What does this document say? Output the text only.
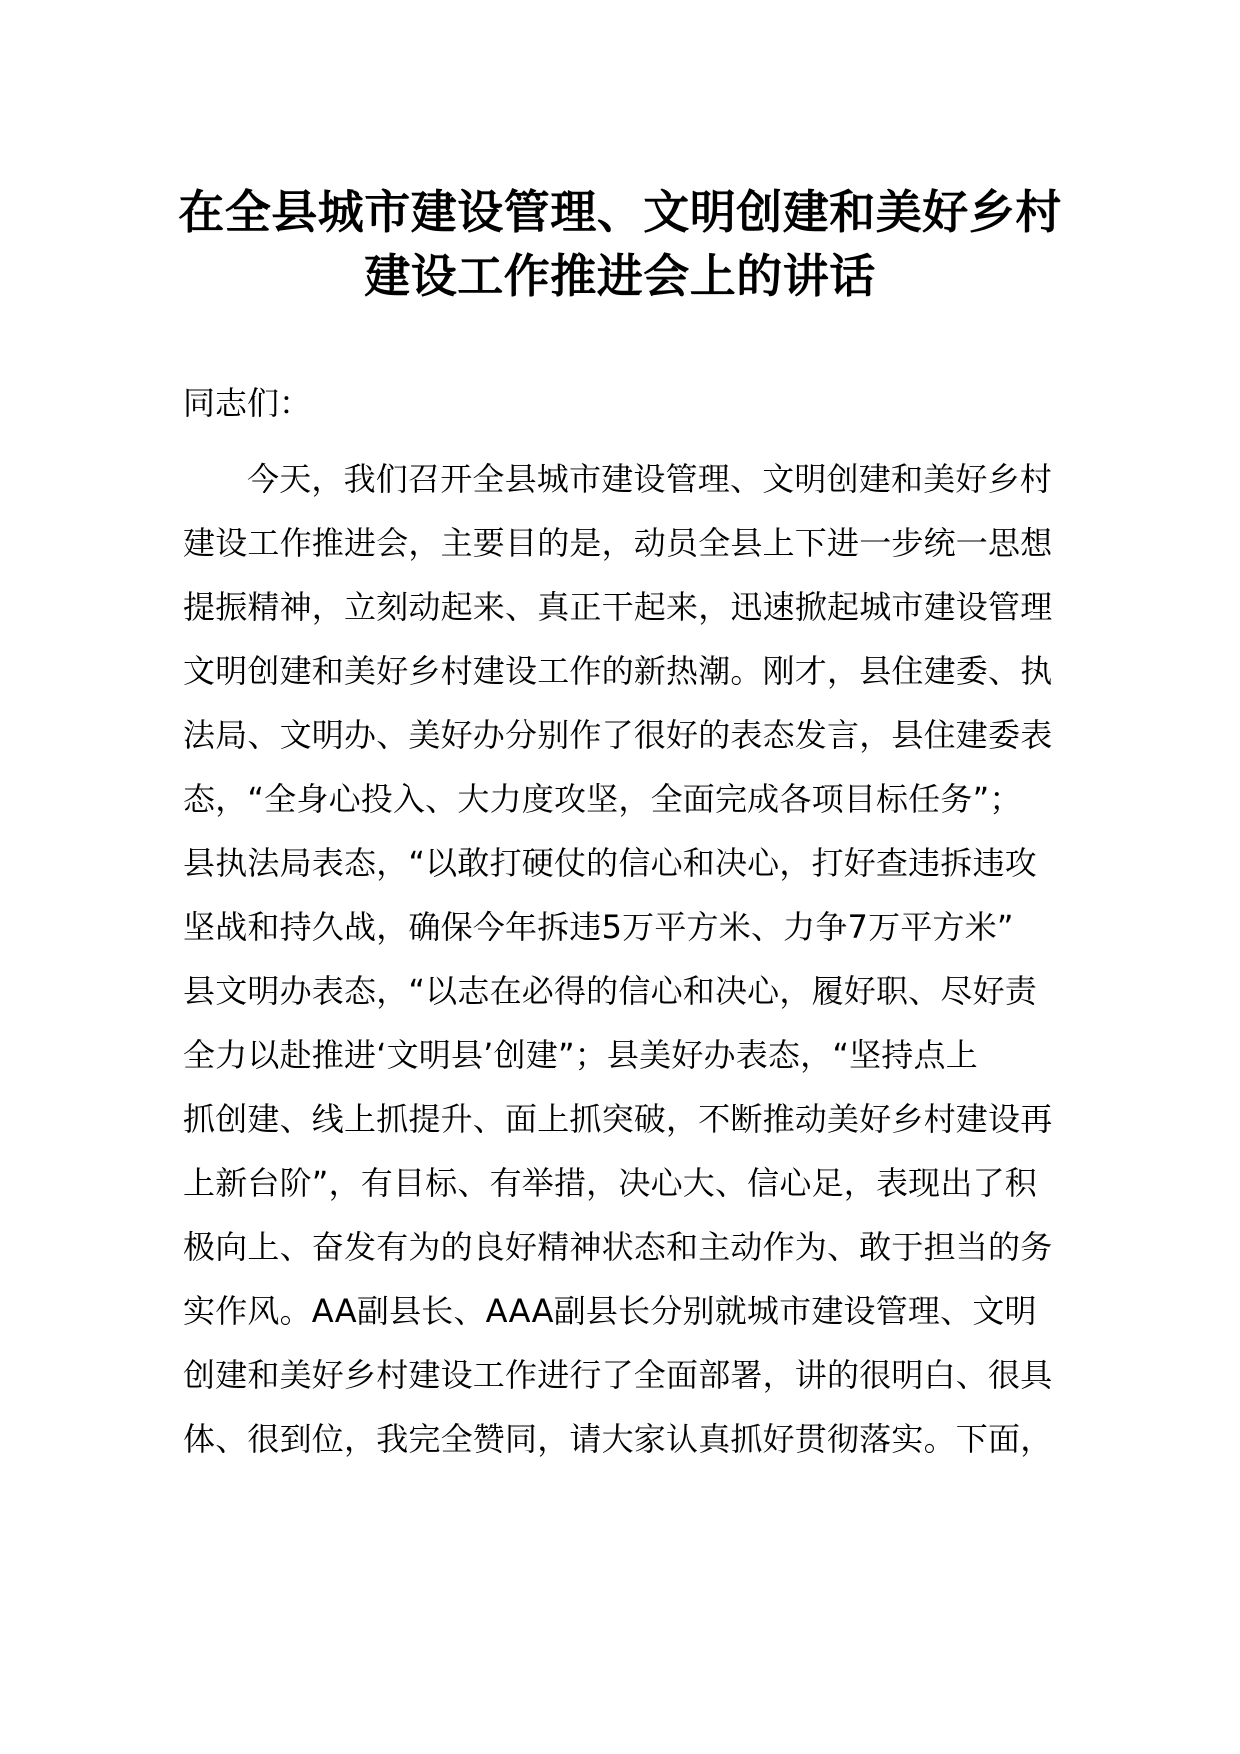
在全县城市建设管理、文明创建和美好乡村
建设工作推进会上的讲话

同志们：

今天，我们召开全县城市建设管理、文明创建和美好乡村
建设工作推进会，主要目的是，动员全县上下进一步统一思想
提振精神，立刻动起来、真正干起来，迅速掀起城市建设管理
文明创建和美好乡村建设工作的新热潮。刚才，县住建委、执
法局、文明办、美好办分别作了很好的表态发言，县住建委表
态，“全身心投入、大力度攻坚，全面完成各项目标任务”；
县执法局表态，“以敢打硬仗的信心和决心，打好查违拆违攻
坚战和持久战，确保今年拆违5万平方米、力争7万平方米”
县文明办表态，“以志在必得的信心和决心，履好职、尽好责
全力以赴推进‘文明县’创建”；县美好办表态，“坚持点上
抓创建、线上抓提升、面上抓突破，不断推动美好乡村建设再
上新台阶”，有目标、有举措，决心大、信心足，表现出了积
极向上、奋发有为的良好精神状态和主动作为、敢于担当的务
实作风。AA副县长、AAA副县长分别就城市建设管理、文明
创建和美好乡村建设工作进行了全面部署，讲的很明白、很具
体、很到位，我完全赞同，请大家认真抓好贯彻落实。下面，
